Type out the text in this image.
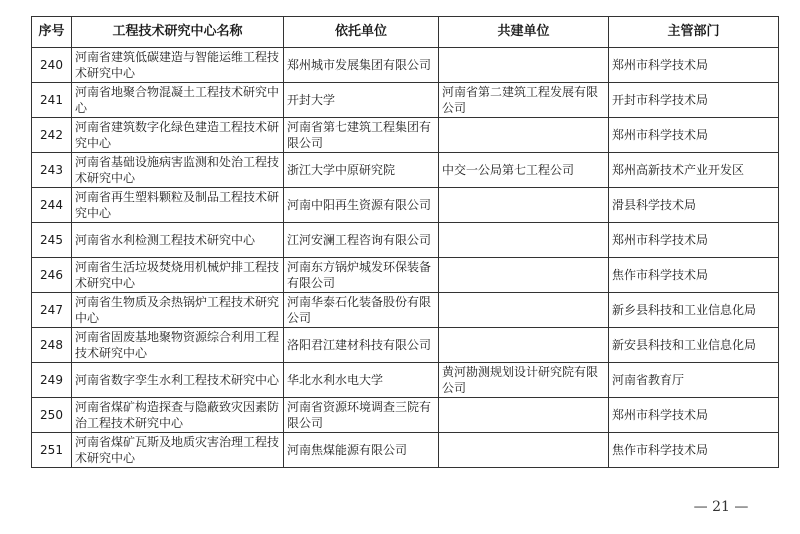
序号	工程技术研究中心名称	依托单位	共建单位	主管部门
240	河南省建筑低碳建造与智能运维工程技术研究中心	郑州城市发展集团有限公司		郑州市科学技术局
241	河南省地聚合物混凝土工程技术研究中心	开封大学	河南省第二建筑工程发展有限公司	开封市科学技术局
242	河南省建筑数字化绿色建造工程技术研究中心	河南省第七建筑工程集团有限公司		郑州市科学技术局
243	河南省基础设施病害监测和处治工程技术研究中心	浙江大学中原研究院	中交一公局第七工程公司	郑州高新技术产业开发区
244	河南省再生塑料颗粒及制品工程技术研究中心	河南中阳再生资源有限公司		滑县科学技术局
245	河南省水利检测工程技术研究中心	江河安澜工程咨询有限公司		郑州市科学技术局
246	河南省生活垃圾焚烧用机械炉排工程技术研究中心	河南东方锅炉城发环保装备有限公司		焦作市科学技术局
247	河南省生物质及余热锅炉工程技术研究中心	河南华泰石化装备股份有限公司		新乡县科技和工业信息化局
248	河南省固废基地聚物资源综合利用工程技术研究中心	洛阳君江建材科技有限公司		新安县科技和工业信息化局
249	河南省数字孪生水利工程技术研究中心	华北水利水电大学	黄河勘测规划设计研究院有限公司	河南省教育厅
250	河南省煤矿构造探查与隐蔽致灾因素防治工程技术研究中心	河南省资源环境调查三院有限公司		郑州市科学技术局
251	河南省煤矿瓦斯及地质灾害治理工程技术研究中心	河南焦煤能源有限公司		焦作市科学技术局
— 21 —
